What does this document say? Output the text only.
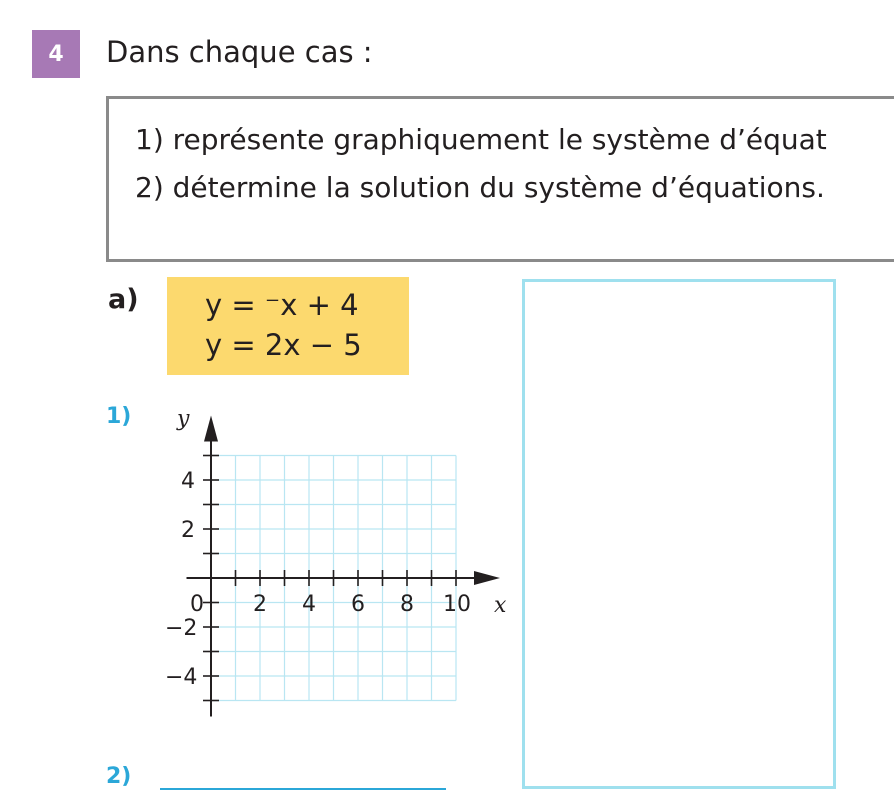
4 Dans chaque cas :
1) représente graphiquement le système d’équat
2) détermine la solution du système d’équations.
a) y = ⁻x + 4
y = 2x − 5
1)
0 2 4 6 8 10
4
2
−2
−4
x
y
2)
